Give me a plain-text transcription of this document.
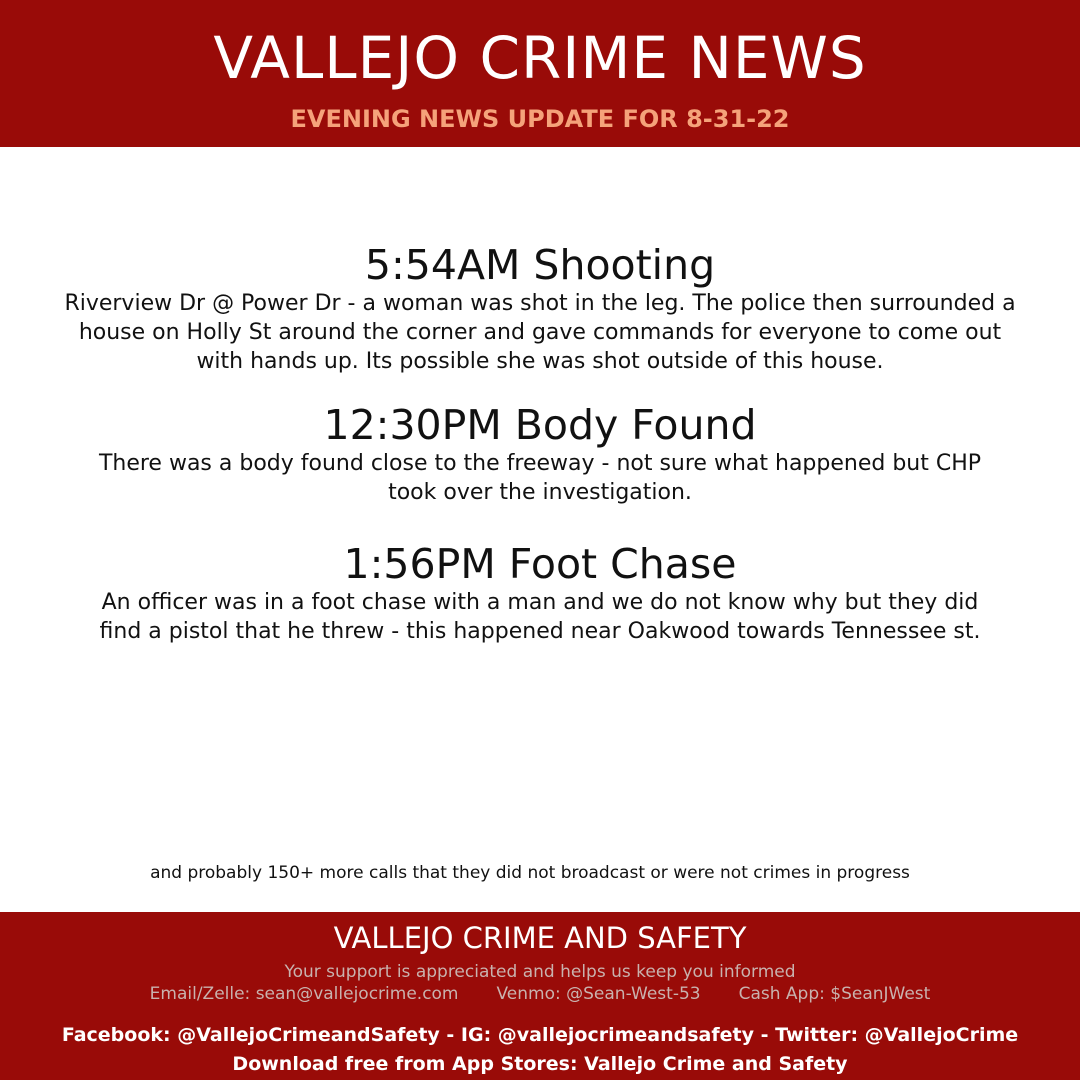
VALLEJO CRIME NEWS
EVENING NEWS UPDATE FOR 8-31-22
5:54AM Shooting
Riverview Dr @ Power Dr - a woman was shot in the leg. The police then surrounded a
house on Holly St around the corner and gave commands for everyone to come out
with hands up. Its possible she was shot outside of this house.
12:30PM Body Found
There was a body found close to the freeway - not sure what happened but CHP
took over the investigation.
1:56PM Foot Chase
An officer was in a foot chase with a man and we do not know why but they did
find a pistol that he threw - this happened near Oakwood towards Tennessee st.
and probably 150+ more calls that they did not broadcast or were not crimes in progress
VALLEJO CRIME AND SAFETY
Your support is appreciated and helps us keep you informed
Email/Zelle: sean@vallejocrime.com Venmo: @Sean-West-53 Cash App: $SeanJWest
Facebook: @VallejoCrimeandSafety - IG: @vallejocrimeandsafety - Twitter: @VallejoCrime
Download free from App Stores: Vallejo Crime and Safety
